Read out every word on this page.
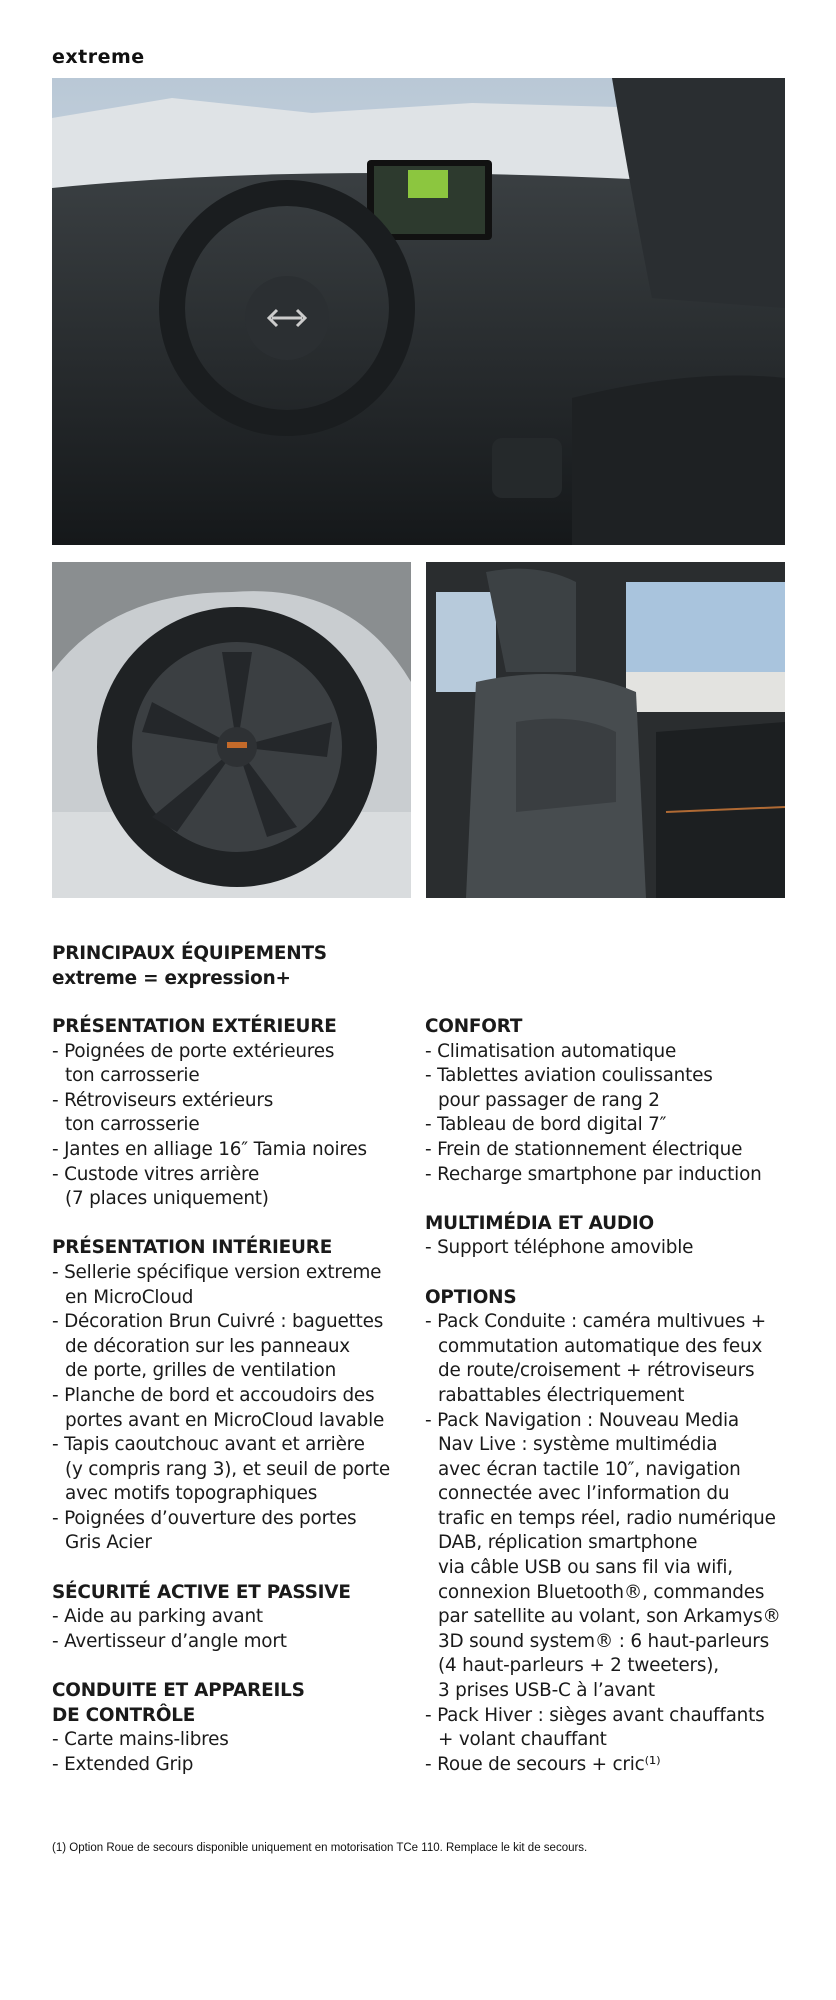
extreme
PRINCIPAUX ÉQUIPEMENTS
extreme = expression+
PRÉSENTATION EXTÉRIEURE
- Poignées de porte extérieures
ton carrosserie
- Rétroviseurs extérieurs
ton carrosserie
- Jantes en alliage 16″ Tamia noires
- Custode vitres arrière
(7 places uniquement)
PRÉSENTATION INTÉRIEURE
- Sellerie spécifique version extreme
en MicroCloud
- Décoration Brun Cuivré : baguettes
de décoration sur les panneaux
de porte, grilles de ventilation
- Planche de bord et accoudoirs des
portes avant en MicroCloud lavable
- Tapis caoutchouc avant et arrière
(y compris rang 3), et seuil de porte
avec motifs topographiques
- Poignées d’ouverture des portes
Gris Acier
SÉCURITÉ ACTIVE ET PASSIVE
- Aide au parking avant
- Avertisseur d’angle mort
CONDUITE ET APPAREILS
DE CONTRÔLE
- Carte mains-libres
- Extended Grip
CONFORT
- Climatisation automatique
- Tablettes aviation coulissantes
pour passager de rang 2
- Tableau de bord digital 7″
- Frein de stationnement électrique
- Recharge smartphone par induction
MULTIMÉDIA ET AUDIO
- Support téléphone amovible
OPTIONS
- Pack Conduite : caméra multivues +
commutation automatique des feux
de route/croisement + rétroviseurs
rabattables électriquement
- Pack Navigation : Nouveau Media
Nav Live : système multimédia
avec écran tactile 10″, navigation
connectée avec l’information du
trafic en temps réel, radio numérique
DAB, réplication smartphone
via câble USB ou sans fil via wifi,
connexion Bluetooth®, commandes
par satellite au volant, son Arkamys®
3D sound system® : 6 haut-parleurs
(4 haut-parleurs + 2 tweeters),
3 prises USB-C à l’avant
- Pack Hiver : sièges avant chauffants
+ volant chauffant
- Roue de secours + cric⁽¹⁾
(1) Option Roue de secours disponible uniquement en motorisation TCe 110. Remplace le kit de secours.
